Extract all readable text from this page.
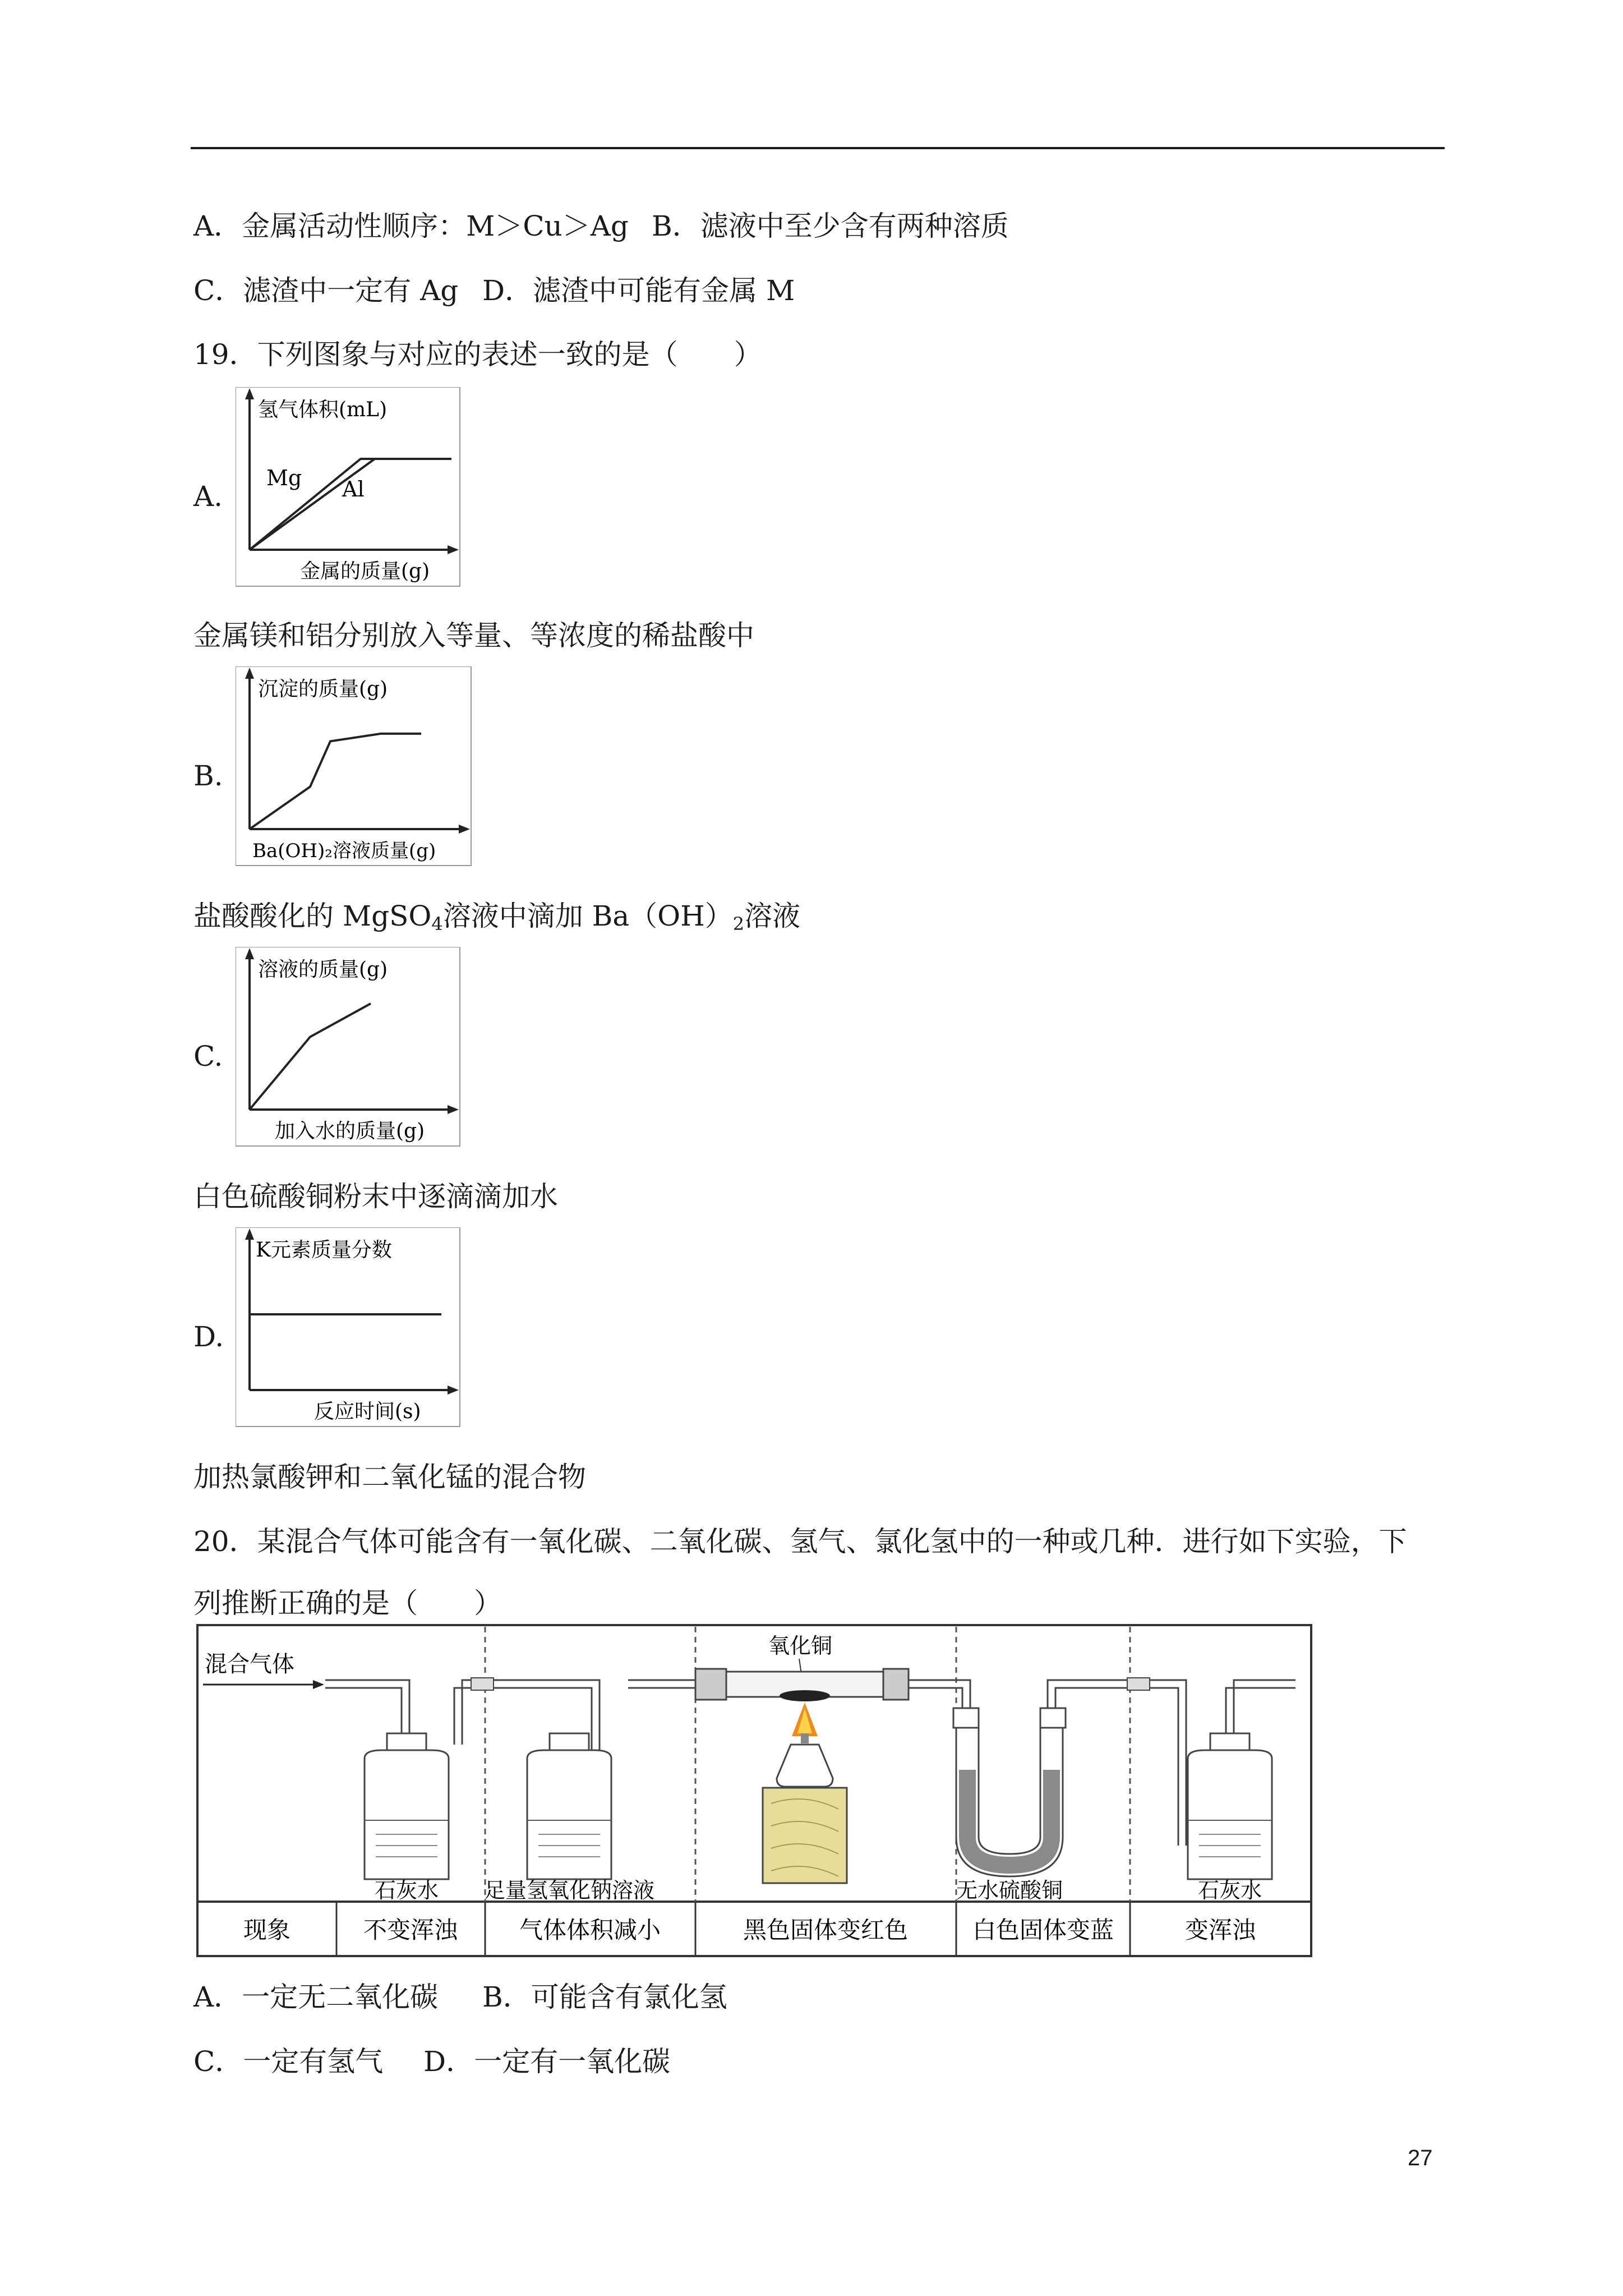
A．金属活动性顺序：M＞Cu＞Ag B．滤液中至少含有两种溶质
C．滤渣中一定有 Ag D．滤渣中可能有金属 M
19．下列图象与对应的表述一致的是（　　）
A.
氢气体积(mL)
金属的质量(g)
Mg Al
金属镁和铝分别放入等量、等浓度的稀盐酸中
B.
沉淀的质量(g)
Ba(OH)₂溶液质量(g)
盐酸酸化的 MgSO$_4$溶液中滴加 $Ba(OH)_2$溶液
C.
溶液的质量(g)
加入水的质量(g)
白色硫酸铜粉末中逐滴滴加水
D.
K元素质量分数
反应时间(s)
加热氯酸钾和二氧化锰的混合物
20．某混合气体可能含有一氧化碳、二氧化碳、氢气、氯化氢中的一种或几种．进行如下实验，下
列推断正确的是（　　）
混合气体
氧化铜
石灰水 足量氢氧化钠溶液	无水硫酸铜	石灰水
现象	不变浑浊	气体体积减小	黑色固体变红色	白色固体变蓝	变浑浊
A．一定无二氧化碳 B．可能含有氯化氢
C．一定有氢气 D．一定有一氧化碳
27
